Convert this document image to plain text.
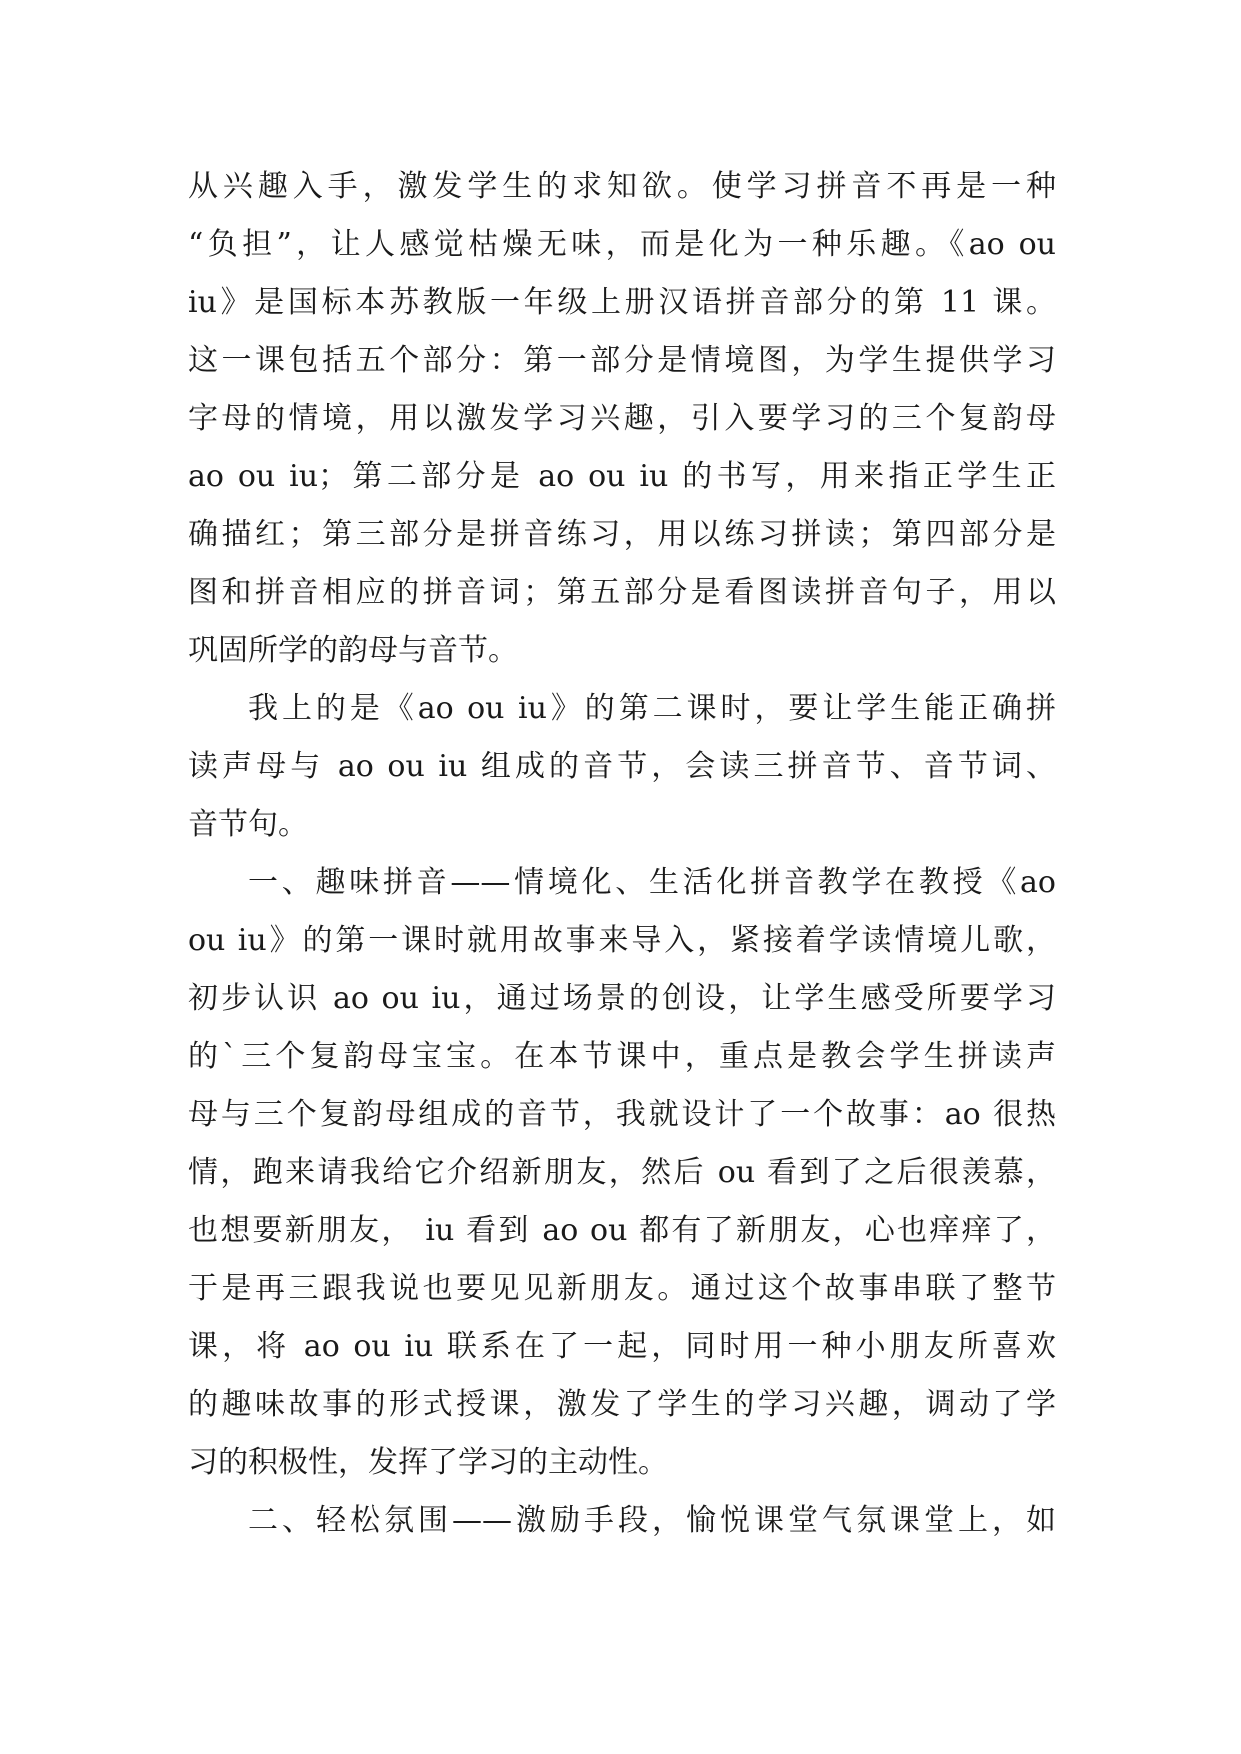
从兴趣入手，激发学生的求知欲。使学习拼音不再是一种
“负担”，让人感觉枯燥无味，而是化为一种乐趣。《ao ou
iu》是国标本苏教版一年级上册汉语拼音部分的第 11 课。
这一课包括五个部分：第一部分是情境图，为学生提供学习
字母的情境，用以激发学习兴趣，引入要学习的三个复韵母
ao ou iu；第二部分是 ao ou iu 的书写，用来指正学生正
确描红；第三部分是拼音练习，用以练习拼读；第四部分是
图和拼音相应的拼音词；第五部分是看图读拼音句子，用以
巩固所学的韵母与音节。
我上的是《ao ou iu》的第二课时，要让学生能正确拼
读声母与 ao ou iu 组成的音节，会读三拼音节、音节词、
音节句。
一、趣味拼音——情境化、生活化拼音教学在教授《ao
ou iu》的第一课时就用故事来导入，紧接着学读情境儿歌，
初步认识 ao ou iu，通过场景的创设，让学生感受所要学习
的`三个复韵母宝宝。在本节课中，重点是教会学生拼读声
母与三个复韵母组成的音节，我就设计了一个故事：ao 很热
情，跑来请我给它介绍新朋友，然后 ou 看到了之后很羡慕，
也想要新朋友， iu 看到 ao ou 都有了新朋友，心也痒痒了，
于是再三跟我说也要见见新朋友。通过这个故事串联了整节
课，将 ao ou iu 联系在了一起，同时用一种小朋友所喜欢
的趣味故事的形式授课，激发了学生的学习兴趣，调动了学
习的积极性，发挥了学习的主动性。
二、轻松氛围——激励手段，愉悦课堂气氛课堂上，如
